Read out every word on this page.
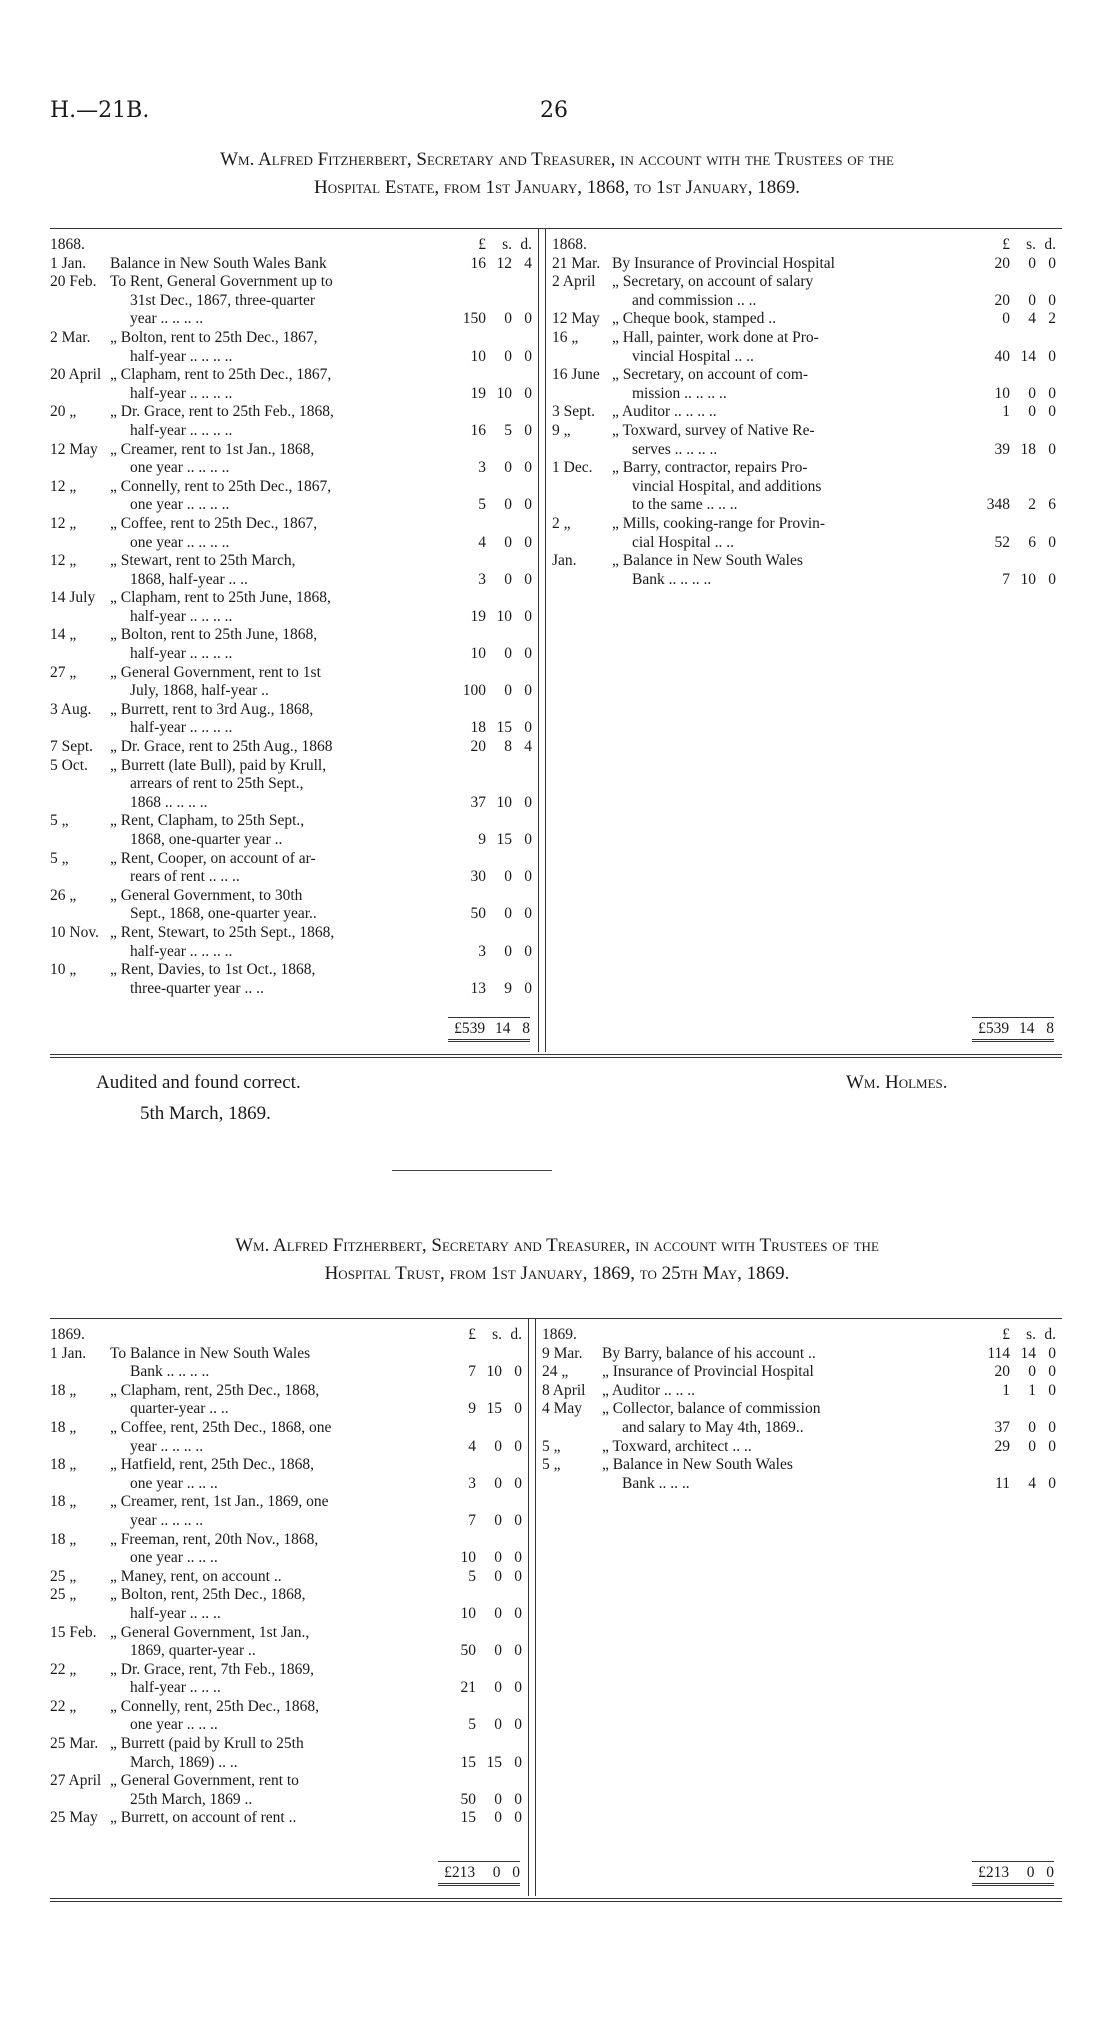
H.—21B.	26
Wm. Alfred Fitzherbert, Secretary and Treasurer, in account with the Trustees of the
Hospital Estate, from 1st January, 1868, to 1st January, 1869.
1868.	£	s. d.
1 Jan.	Balance in New South Wales Bank	16 12 4
20 Feb. To Rent, General Government up to
31st Dec., 1867, three-quarter
year .. .. .. ..	150	0 0
2 Mar.	„ Bolton, rent to 25th Dec., 1867,
half-year .. .. .. ..	10	0 0
20 April „ Clapham, rent to 25th Dec., 1867,
half-year .. .. .. ..	19 10 0
20 „	„ Dr. Grace, rent to 25th Feb., 1868,
half-year .. .. .. ..	16	5 0
12 May „ Creamer, rent to 1st Jan., 1868,
one year .. .. .. ..	3	0 0
12 „	„ Connelly, rent to 25th Dec., 1867,
one year .. .. .. ..	5	0 0
12 „	„ Coffee, rent to 25th Dec., 1867,
one year .. .. .. ..	4	0 0
12 „	„ Stewart, rent to 25th March,
1868, half-year .. ..	3	0 0
14 July „ Clapham, rent to 25th June, 1868,
half-year .. .. .. ..	19 10 0
14 „	„ Bolton, rent to 25th June, 1868,
half-year .. .. .. ..	10	0 0
27 „	„ General Government, rent to 1st
July, 1868, half-year ..	100	0 0
3 Aug.	„ Burrett, rent to 3rd Aug., 1868,
half-year .. .. .. ..	18 15 0
7 Sept.	„ Dr. Grace, rent to 25th Aug., 1868	20	8 4
5 Oct.	„ Burrett (late Bull), paid by Krull,
arrears of rent to 25th Sept.,
1868 .. .. .. ..	37 10 0
5 „	„ Rent, Clapham, to 25th Sept.,
1868, one-quarter year ..	9 15 0
5 „	„ Rent, Cooper, on account of ar-
rears of rent .. .. ..	30	0 0
26 „	„ General Government, to 30th
Sept., 1868, one-quarter year..	50	0 0
10 Nov. „ Rent, Stewart, to 25th Sept., 1868,
half-year .. .. .. ..	3	0 0
10 „	„ Rent, Davies, to 1st Oct., 1868,
three-quarter year .. ..	13	9 0
1868.	£	s. d.
21 Mar. By Insurance of Provincial Hospital	20	0 0
2 April	„ Secretary, on account of salary
and commission .. ..	20	0 0
12 May „ Cheque book, stamped ..	0	4 2
16 „	„ Hall, painter, work done at Pro-
vincial Hospital .. ..	40 14 0
16 June „ Secretary, on account of com-
mission .. .. .. ..	10	0 0
3 Sept.	„ Auditor .. .. .. ..	1	0 0
9 „	„ Toxward, survey of Native Re-
serves .. .. .. ..	39 18 0
1 Dec.	„ Barry, contractor, repairs Pro-
vincial Hospital, and additions
to the same .. .. ..	348	2 6
2 „	„ Mills, cooking-range for Provin-
cial Hospital .. ..	52	6 0
Jan.	„ Balance in New South Wales
Bank .. .. .. ..	7 10 0
£539 14 8	£539 14 8
Audited and found correct.
5th March, 1869.
Wm. Holmes.
Wm. Alfred Fitzherbert, Secretary and Treasurer, in account with Trustees of the
Hospital Trust, from 1st January, 1869, to 25th May, 1869.
1869.	£	s. d.
1 Jan.	To Balance in New South Wales
Bank .. .. .. ..	7 10 0
18 „	„ Clapham, rent, 25th Dec., 1868,
quarter-year .. ..	9 15 0
18 „	„ Coffee, rent, 25th Dec., 1868, one
year .. .. .. ..	4	0 0
18 „	„ Hatfield, rent, 25th Dec., 1868,
one year .. .. ..	3	0 0
18 „	„ Creamer, rent, 1st Jan., 1869, one
year .. .. .. ..	7	0 0
18 „	„ Freeman, rent, 20th Nov., 1868,
one year .. .. ..	10	0 0
25 „	„ Maney, rent, on account ..	5	0 0
25 „	„ Bolton, rent, 25th Dec., 1868,
half-year .. .. ..	10	0 0
15 Feb. „ General Government, 1st Jan.,
1869, quarter-year ..	50	0 0
22 „	„ Dr. Grace, rent, 7th Feb., 1869,
half-year .. .. ..	21	0 0
22 „	„ Connelly, rent, 25th Dec., 1868,
one year .. .. ..	5	0 0
25 Mar. „ Burrett (paid by Krull to 25th
March, 1869) .. ..	15 15 0
27 April „ General Government, rent to
25th March, 1869 ..	50	0 0
25 May „ Burrett, on account of rent ..	15	0 0
1869.	£	s. d.
9 Mar.	By Barry, balance of his account ..	114 14 0
24 „	„ Insurance of Provincial Hospital	20	0 0
8 April	„ Auditor .. .. ..	1	1 0
4 May	„ Collector, balance of commission
and salary to May 4th, 1869..	37	0 0
5 „	„ Toxward, architect .. ..	29	0 0
5 „	„ Balance in New South Wales
Bank .. .. ..	11	4 0
£213	0 0	£213	0 0
